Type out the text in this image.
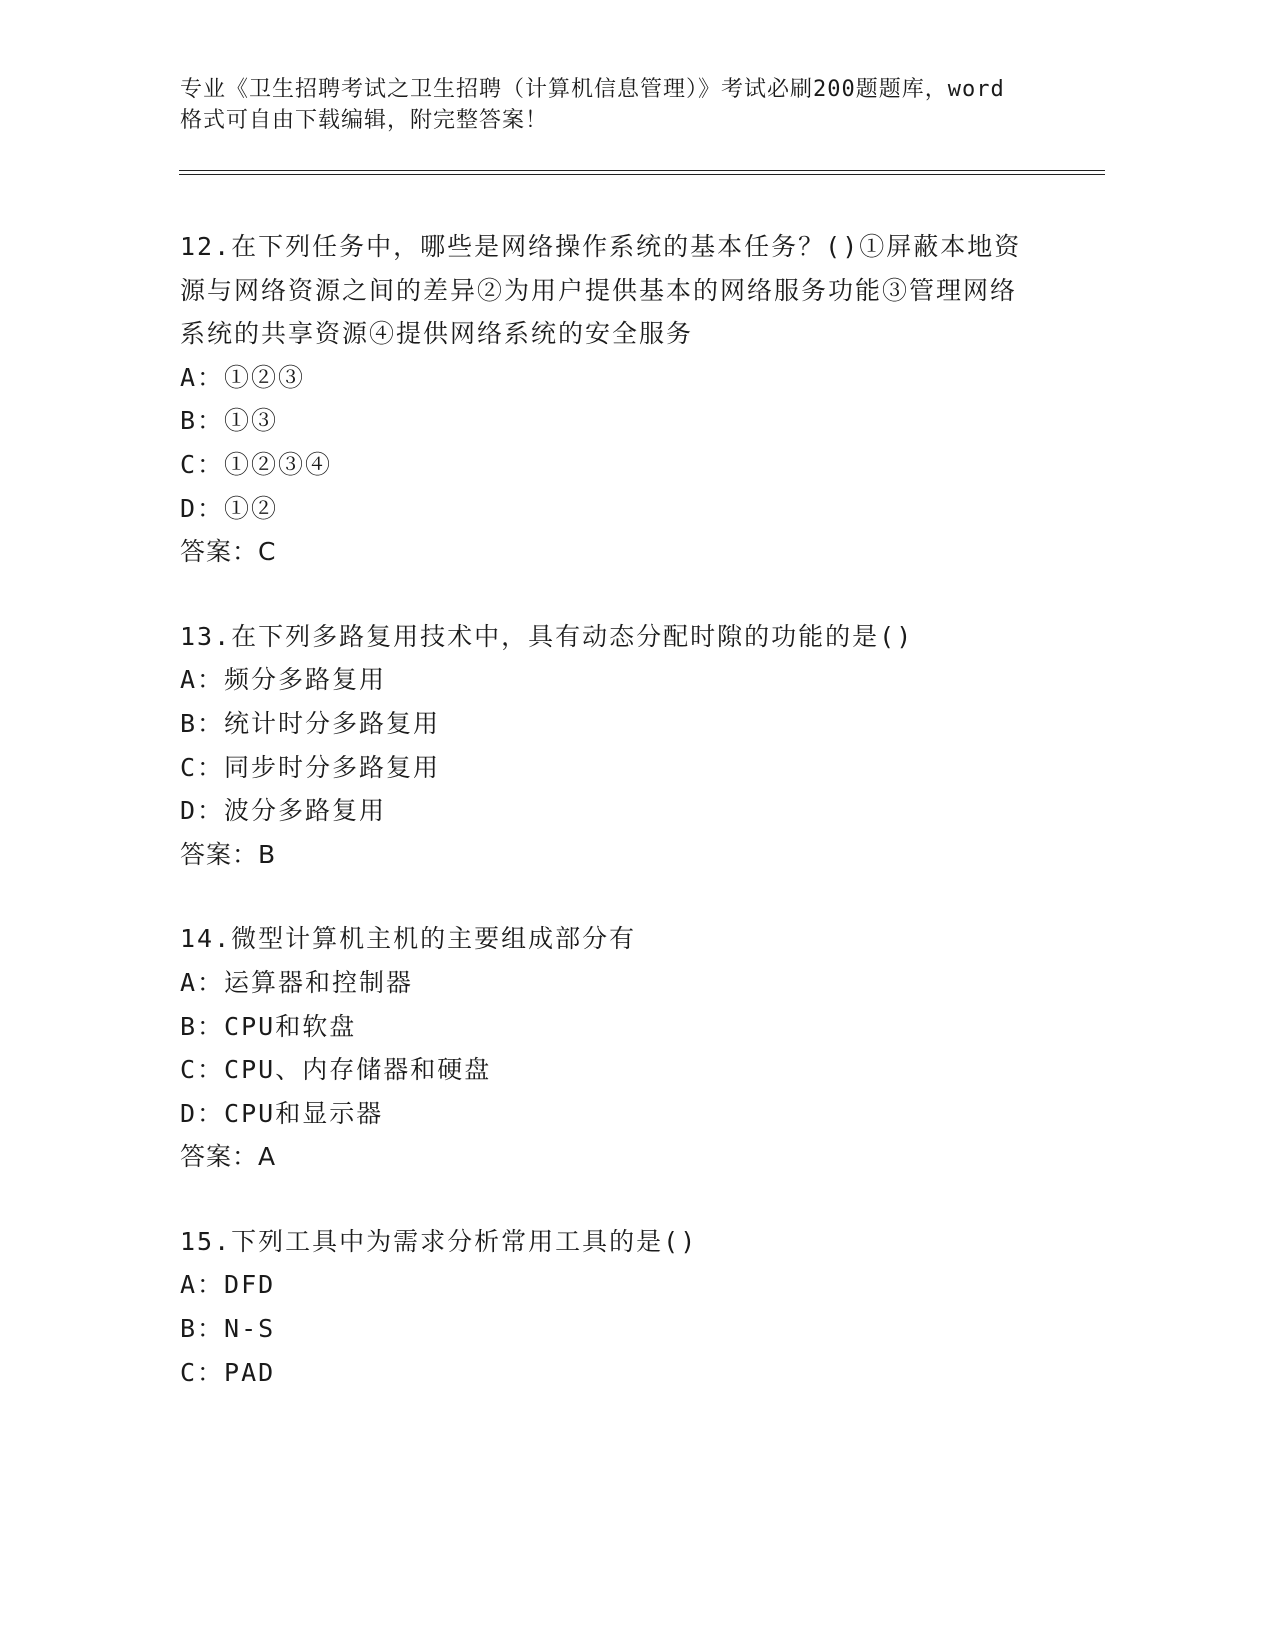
专业《卫生招聘考试之卫生招聘（计算机信息管理）》考试必刷200题题库，word
格式可自由下载编辑，附完整答案！
12.在下列任务中，哪些是网络操作系统的基本任务？()①屏蔽本地资源与网络资源之间的差异②为用户提供基本的网络服务功能③管理网络系统的共享资源④提供网络系统的安全服务
A：①②③
B：①③
C：①②③④
D：①②
答案：C
13.在下列多路复用技术中，具有动态分配时隙的功能的是()
A：频分多路复用
B：统计时分多路复用
C：同步时分多路复用
D：波分多路复用
答案：B
14.微型计算机主机的主要组成部分有
A：运算器和控制器
B：CPU和软盘
C：CPU、内存储器和硬盘
D：CPU和显示器
答案：A
15.下列工具中为需求分析常用工具的是()
A：DFD
B：N-S
C：PAD
